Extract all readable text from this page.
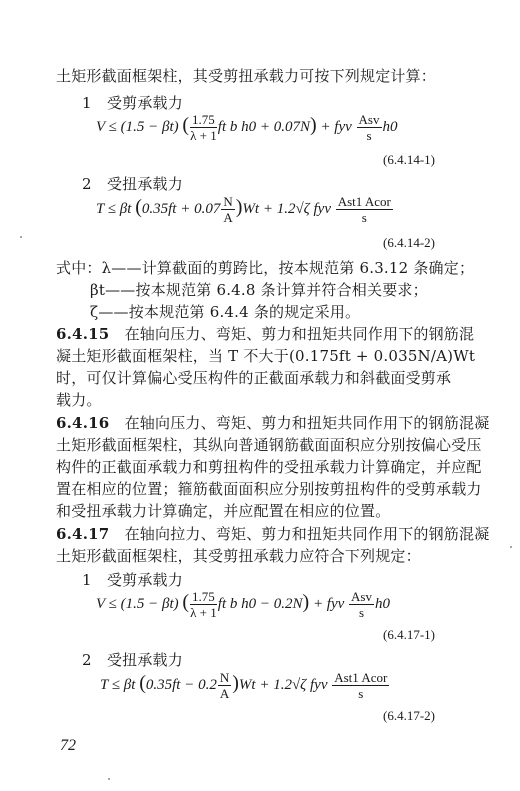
土矩形截面框架柱，其受剪扭承载力可按下列规定计算：
1　受剪承载力
V ≤ (1.5 − βt) ( $\frac{1.75}{\lambda + 1}$ ft b h0 + 0.07N) + fyv $\frac{\text{Asv}}{s} h0$
(6.4.14-1)
2　受扭承载力
T ≤ βt $(0.35ft + 0.07 \frac{N}{A} )Wt + 1.2√\zeta$ fyv $\frac{\text{Ast1 Acor}}{s}$
(6.4.14-2)
式中：λ——计算截面的剪跨比，按本规范第 6.3.12 条确定；
βt——按本规范第 6.4.8 条计算并符合相关要求；
ζ——按本规范第 6.4.4 条的规定采用。
6.4.15　 在轴向压力、弯矩、剪力和扭矩共同作用下的钢筋混
凝土矩形截面框架柱，当 T 不大于(0.175ft + 0.035N/A)Wt
时，可仅计算偏心受压构件的正截面承载力和斜截面受剪承
载力。
6.4.16　 在轴向压力、弯矩、剪力和扭矩共同作用下的钢筋混凝
土矩形截面框架柱，其纵向普通钢筋截面面积应分别按偏心受压
构件的正截面承载力和剪扭构件的受扭承载力计算确定，并应配
置在相应的位置；箍筋截面面积应分别按剪扭构件的受剪承载力
和受扭承载力计算确定，并应配置在相应的位置。
6.4.17　 在轴向拉力、弯矩、剪力和扭矩共同作用下的钢筋混凝
土矩形截面框架柱，其受剪扭承载力应符合下列规定：
1　受剪承载力
V ≤ (1.5 − βt) ( $\frac{1.75}{\lambda + 1}$ ft b h0 − 0.2N) + fyv $\frac{\text{Asv}}{s} h0$
(6.4.17-1)
2　受扭承载力
T ≤ βt $(0.35ft - 0.2 \frac{N}{A} )Wt + 1.2√\zeta$ fyv $\frac{\text{Ast1 Acor}}{s}$
(6.4.17-2)
72
